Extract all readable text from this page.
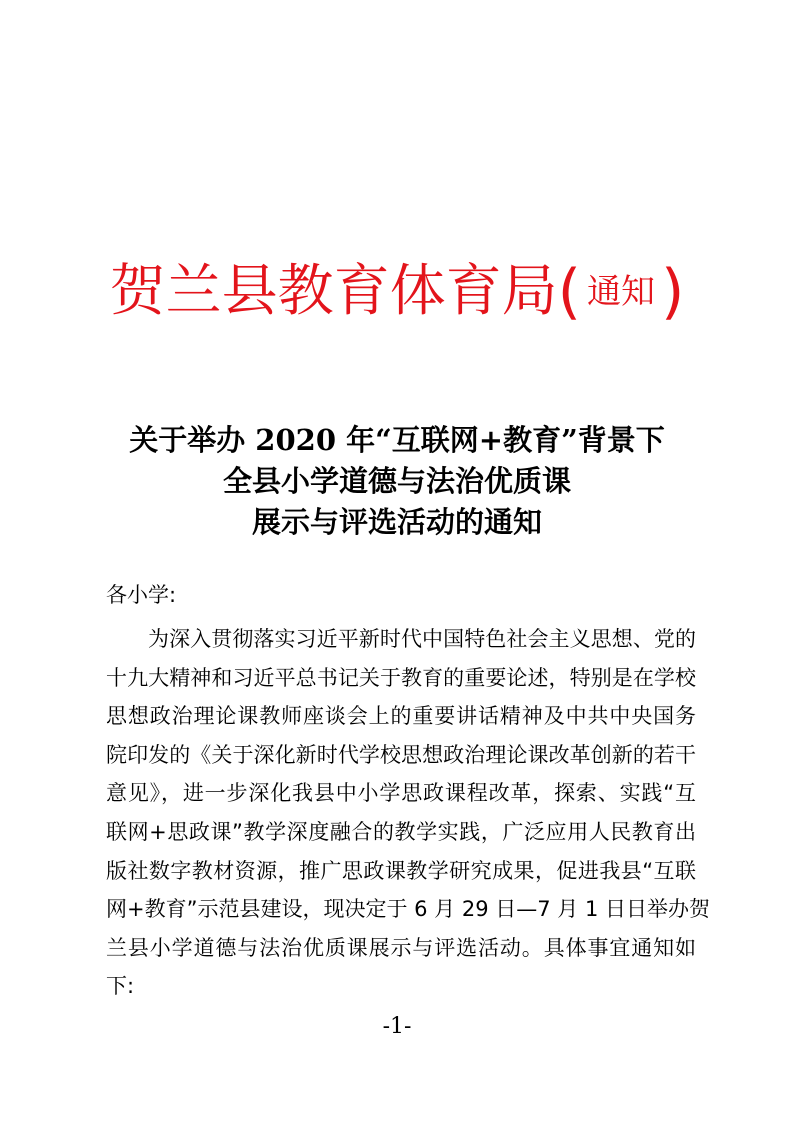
贺兰县教育体育局( 通知 )
关于举办 2020 年“互联网+教育”背景下
全县小学道德与法治优质课
展示与评选活动的通知
各小学:
为深入贯彻落实习近平新时代中国特色社会主义思想、党的
十九大精神和习近平总书记关于教育的重要论述，特别是在学校
思想政治理论课教师座谈会上的重要讲话精神及中共中央国务
院印发的《关于深化新时代学校思想政治理论课改革创新的若干
意见》，进一步深化我县中小学思政课程改革，探索、实践“互
联网+思政课”教学深度融合的教学实践，广泛应用人民教育出
版社数字教材资源，推广思政课教学研究成果，促进我县“互联
网+教育”示范县建设，现决定于 6 月 29 日—7 月 1 日日举办贺
兰县小学道德与法治优质课展示与评选活动。具体事宜通知如
下:
-1-
